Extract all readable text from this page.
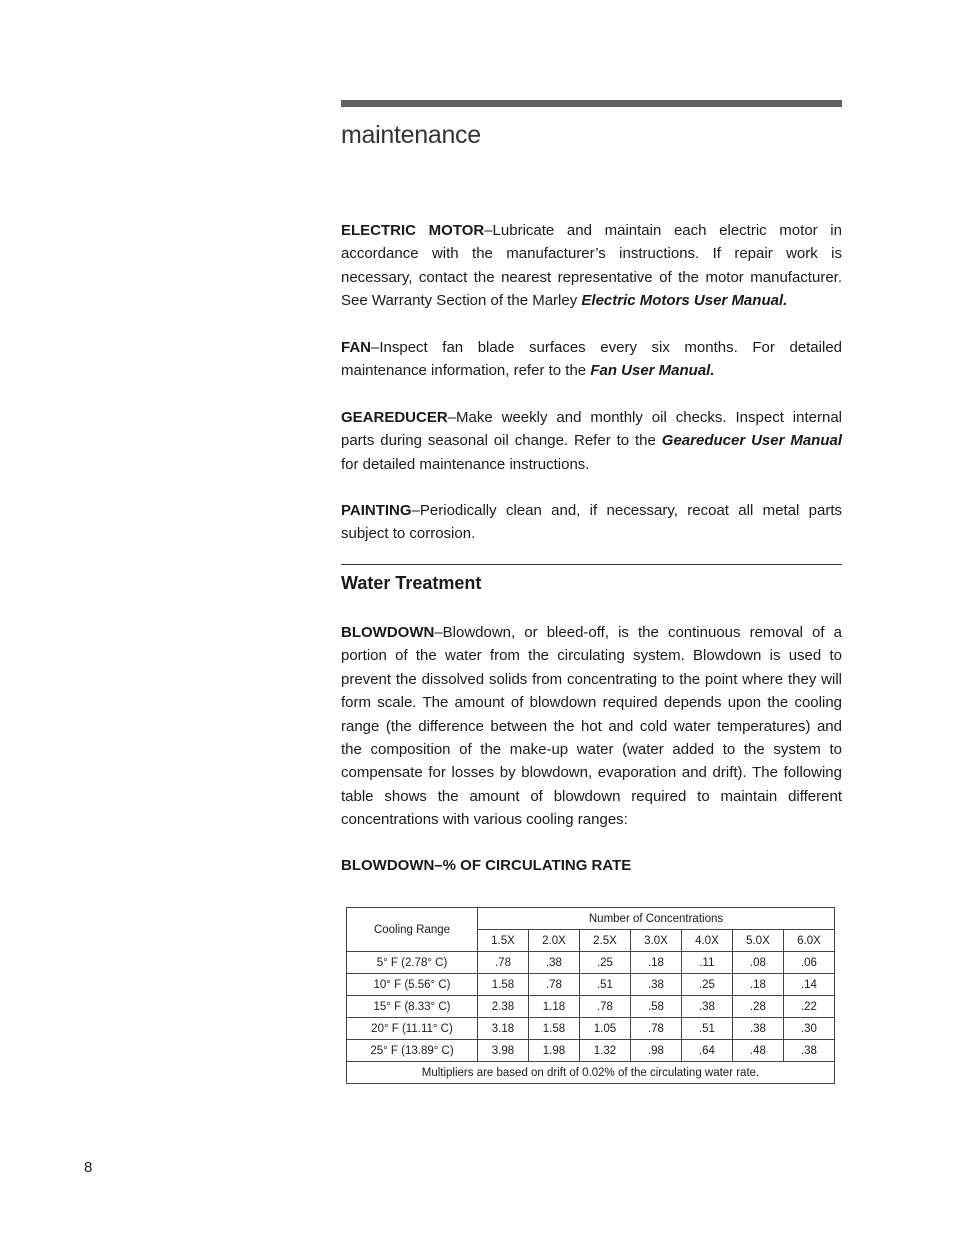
maintenance

ELECTRIC MOTOR–Lubricate and maintain each electric motor in accordance with the manufacturer’s instructions. If repair work is necessary, contact the nearest representative of the motor manufacturer. See Warranty Section of the Marley Electric Motors User Manual.

FAN–Inspect fan blade surfaces every six months. For detailed maintenance information, refer to the Fan User Manual.

GEAREDUCER–Make weekly and monthly oil checks. Inspect internal parts during seasonal oil change. Refer to the Geareducer User Manual for detailed maintenance instructions.

PAINTING–Periodically clean and, if necessary, recoat all metal parts subject to corrosion.

Water Treatment

BLOWDOWN–Blowdown, or bleed-off, is the continuous removal of a portion of the water from the circulating system. Blowdown is used to prevent the dissolved solids from concentrating to the point where they will form scale. The amount of blowdown required depends upon the cooling range (the difference between the hot and cold water temperatures) and the composition of the make-up water (water added to the system to compensate for losses by blowdown, evaporation and drift). The following table shows the amount of blowdown required to maintain different concentrations with various cooling ranges:

BLOWDOWN–% OF CIRCULATING RATE
Cooling Range	Number of Concentrations						
	1.5X	2.0X	2.5X	3.0X	4.0X	5.0X	6.0X
5° F (2.78° C)	.78	.38	.25	.18	.11	.08	.06
10° F (5.56° C)	1.58	.78	.51	.38	.25	.18	.14
15° F (8.33° C)	2.38	1.18	.78	.58	.38	.28	.22
20° F (11.11° C)	3.18	1.58	1.05	.78	.51	.38	.30
25° F (13.89° C)	3.98	1.98	1.32	.98	.64	.48	.38
Multipliers are based on drift of 0.02% of the circulating water rate.							
8
